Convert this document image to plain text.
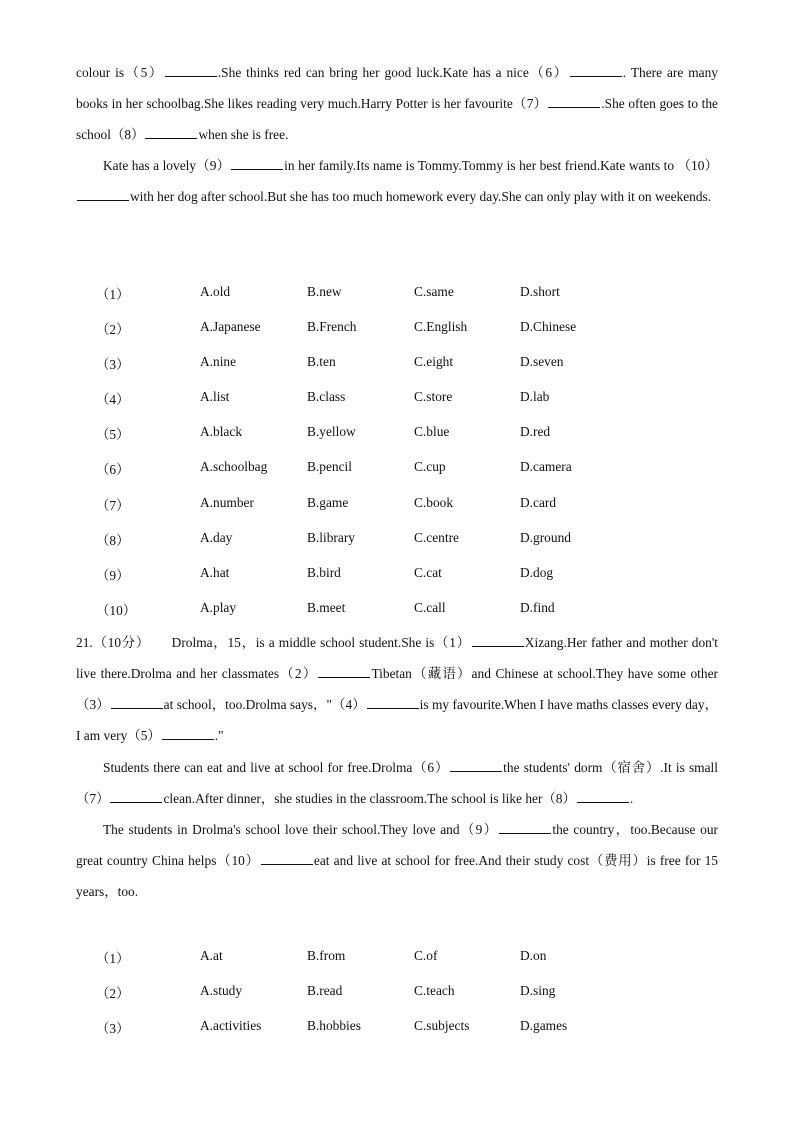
colour is（5）	.She thinks red can bring her good luck.Kate has a nice（6）	. There are many books in her schoolbag.She likes reading very much.Harry Potter is her favourite（7）	.She often goes to the school（8）	when she is free.

Kate has a lovely（9）	in her family.Its name is Tommy.Tommy is her best friend.Kate wants to （10）with her dog after school.But she has too much homework every day.She can only play with it on weekends.

（1）	A.old	B.new	C.same	D.short
（2）	A.Japanese	B.French	C.English	D.Chinese
（3）	A.nine	B.ten	C.eight	D.seven
（4）	A.list	B.class	C.store	D.lab
（5）	A.black	B.yellow	C.blue	D.red
（6）	A.schoolbag	B.pencil	C.cup	D.camera
（7）	A.number	B.game	C.book	D.card
（8）	A.day	B.library	C.centre	D.ground
（9）	A.hat	B.bird	C.cat	D.dog
（10）	A.play	B.meet	C.call	D.find

21.（10分）　　Drolma，15，is a middle school student.She is（1）	Xizang.Her father and mother don't live there.Drolma and her classmates（2）	Tibetan（藏语）and Chinese at school.They have some other（3）	at school，too.Drolma says，"（4）	is my favourite.When I have maths classes every day，I am very（5）	."

Students there can eat and live at school for free.Drolma（6）	the students' dorm（宿舍）.It is small（7）	clean.After dinner，she studies in the classroom.The school is like her（8）	.

The students in Drolma's school love their school.They love and（9）	the country，too.Because our great country China helps（10）	eat and live at school for free.And their study cost（费用）is free for 15 years，too.

（1）	A.at	B.from	C.of	D.on
（2）	A.study	B.read	C.teach	D.sing
（3）	A.activities	B.hobbies	C.subjects	D.games
